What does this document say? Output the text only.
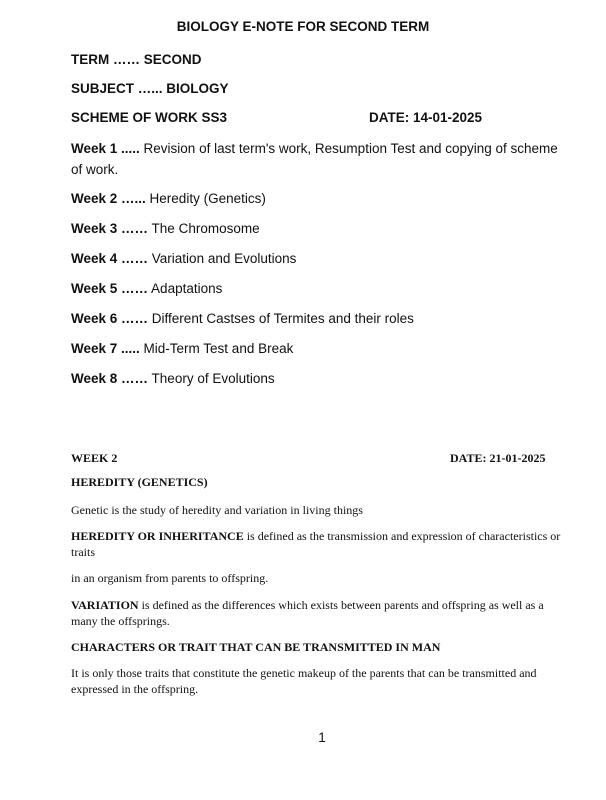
BIOLOGY E-NOTE FOR SECOND TERM
TERM …… SECOND
SUBJECT …... BIOLOGY
SCHEME OF WORK SS3	DATE: 14-01-2025
Week 1 ..... Revision of last term's work, Resumption Test and copying of scheme of work.
Week 2 …... Heredity (Genetics)
Week 3 …… The Chromosome
Week 4 …… Variation and Evolutions
Week 5 …… Adaptations
Week 6 …… Different Castses of Termites and their roles
Week 7 ..... Mid-Term Test and Break
Week 8 …… Theory of Evolutions
WEEK 2	DATE: 21-01-2025
HEREDITY (GENETICS)
Genetic is the study of heredity and variation in living things
HEREDITY OR INHERITANCE is defined as the transmission and expression of characteristics or traits
in an organism from parents to offspring.
VARIATION is defined as the differences which exists between parents and offspring as well as a many the offsprings.
CHARACTERS OR TRAIT THAT CAN BE TRANSMITTED IN MAN
It is only those traits that constitute the genetic makeup of the parents that can be transmitted and expressed in the offspring.
1
